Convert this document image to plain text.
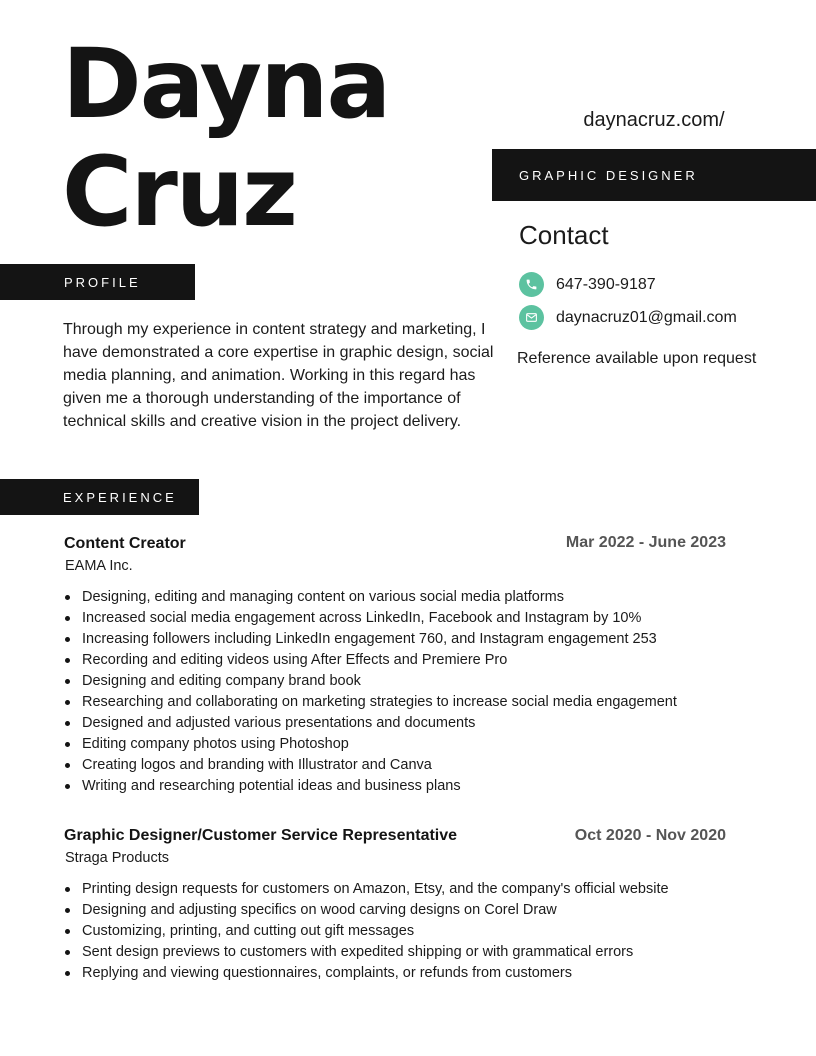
Dayna
Cruz
daynacruz.com/
GRAPHIC DESIGNER
Contact
647-390-9187
daynacruz01@gmail.com
Reference available upon request
PROFILE
Through my experience in content strategy and marketing, I have demonstrated a core expertise in graphic design, social media planning, and animation. Working in this regard has given me a thorough understanding of the importance of technical skills and creative vision in the project delivery.
EXPERIENCE
Content Creator	Mar 2022 - June 2023
EAMA Inc.
Designing, editing and managing content on various social media platforms
Increased social media engagement across LinkedIn, Facebook and Instagram by 10%
Increasing followers including LinkedIn engagement 760, and Instagram engagement 253
Recording and editing videos using After Effects and Premiere Pro
Designing and editing company brand book
Researching and collaborating on marketing strategies to increase social media engagement
Designed and adjusted various presentations and documents
Editing company photos using Photoshop
Creating logos and branding with Illustrator and Canva
Writing and researching potential ideas and business plans
Graphic Designer/Customer Service Representative	Oct 2020 - Nov 2020
Straga Products
Printing design requests for customers on Amazon, Etsy, and the company's official website
Designing and adjusting specifics on wood carving designs on Corel Draw
Customizing, printing, and cutting out gift messages
Sent design previews to customers with expedited shipping or with grammatical errors
Replying and viewing questionnaires, complaints, or refunds from customers
